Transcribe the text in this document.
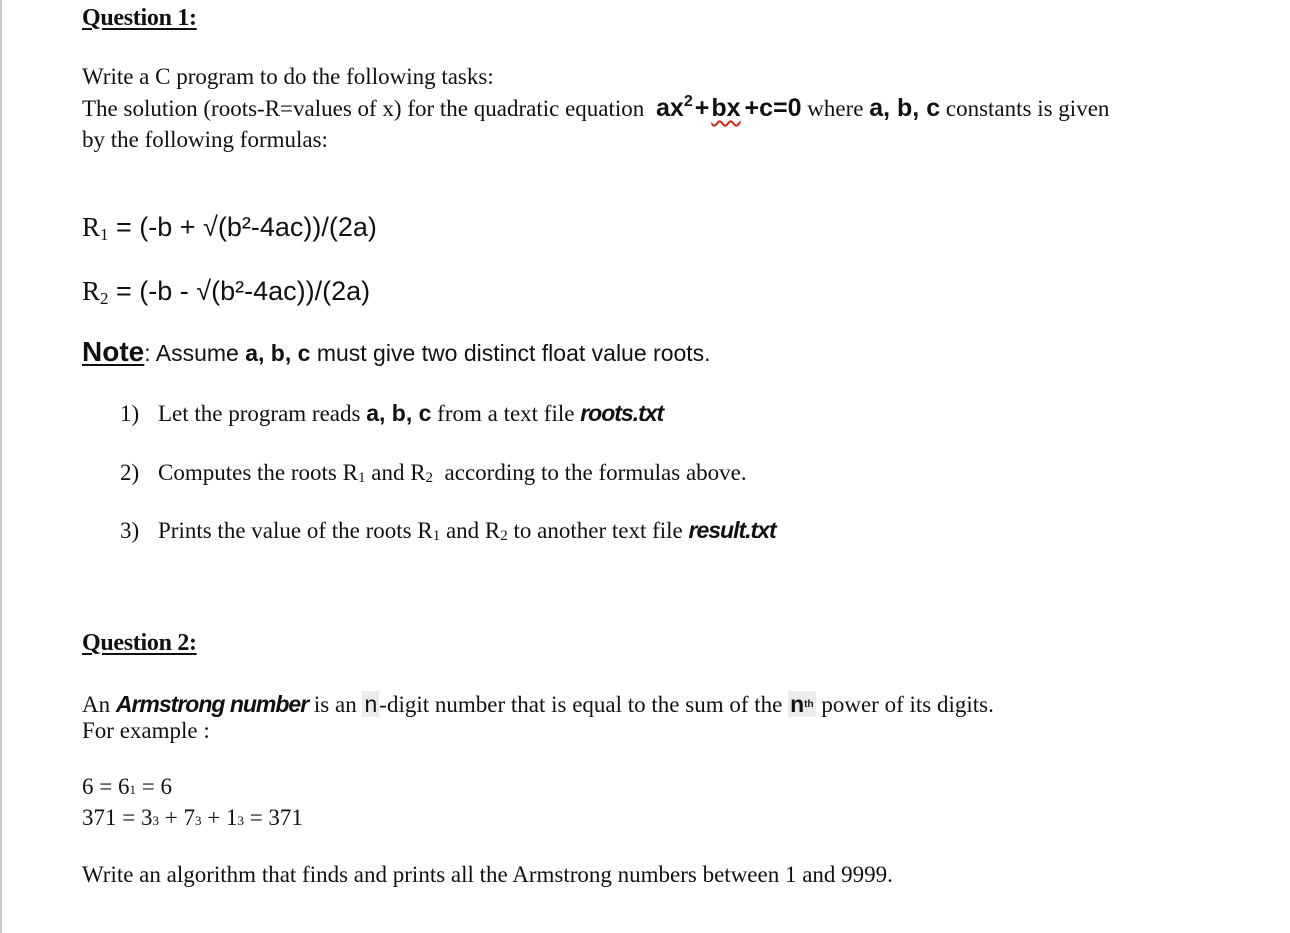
Question 1:
Write a C program to do the following tasks:
The solution (roots-R=values of x) for the quadratic equation $ax^2+bx +c=0$ where a, b, c constants is given
by the following formulas:
$R_1 = (-b + √(b^2-4ac))/(2a)$
$R_2 = (-b - √(b^2-4ac))/(2a)$
Note: Assume a, b, c must give two distinct float value roots.
1) Let the program reads a, b, c from a text file roots.txt
2) Computes the roots R1 and R2  according to the formulas above.
3) Prints the value of the roots R1 and R2 to another text file result.txt
Question 2:
An Armstrong number is an n-digit number that is equal to the sum of the $n^{th}$ power of its digits.
For example :
6 = 61 = 6
371 = 33 + 73 + 13 = 371
Write an algorithm that finds and prints all the Armstrong numbers between 1 and 9999.
